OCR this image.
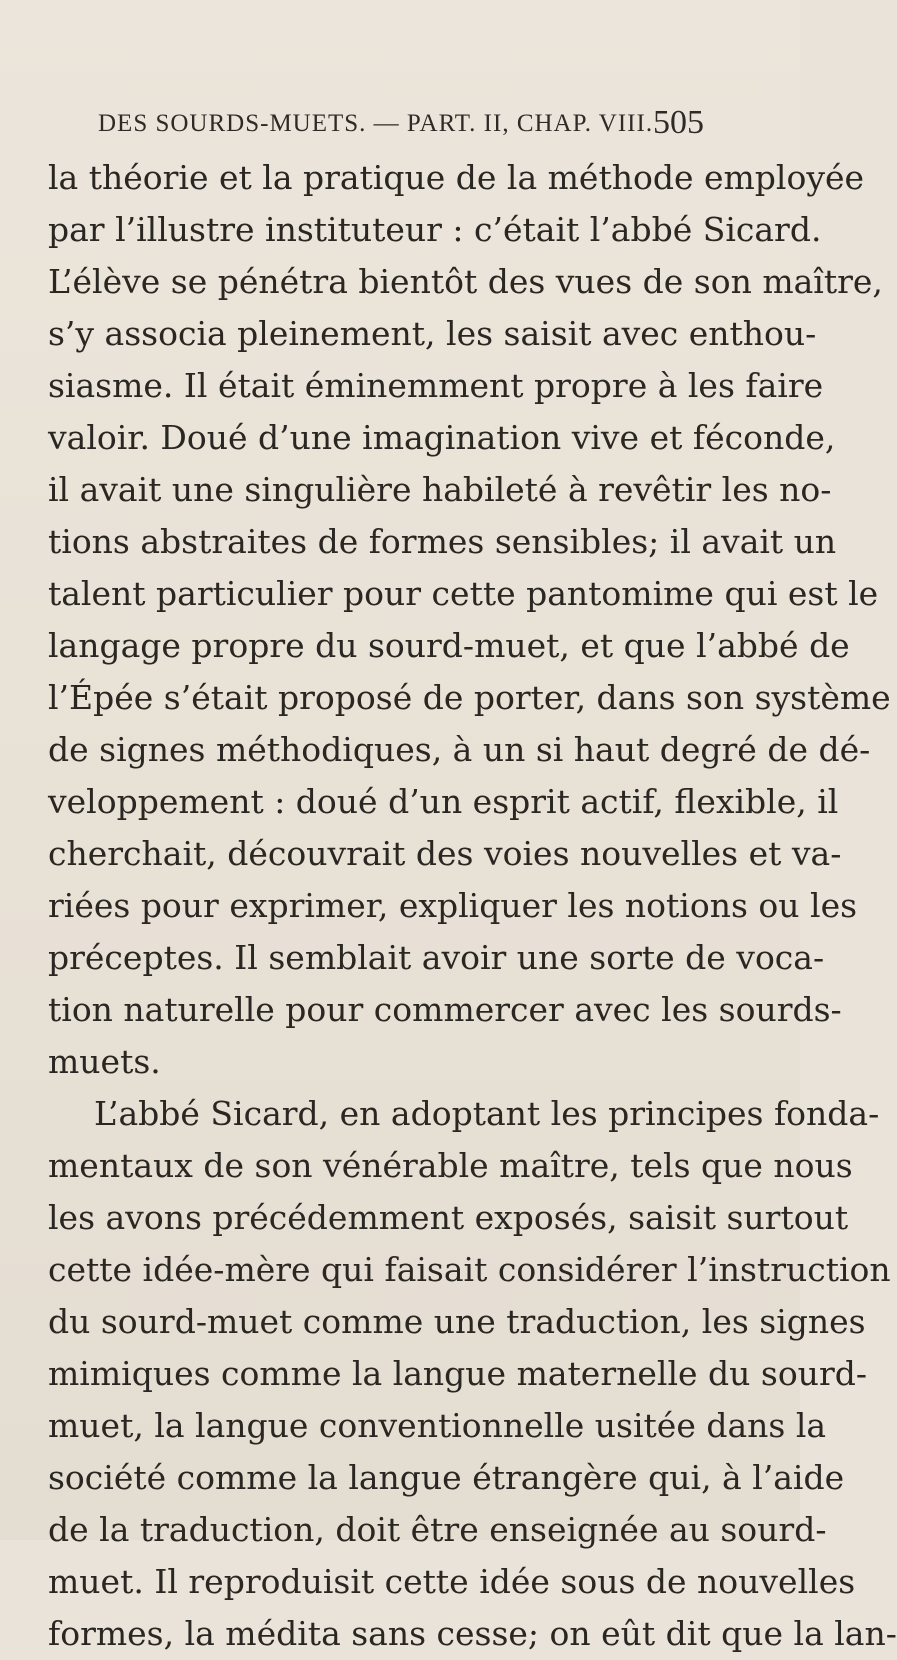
DES SOURDS-MUETS. — PART. II, CHAP. VIII. 505
la théorie et la pratique de la méthode employée
par l’illustre instituteur : c’était l’abbé Sicard.
L’élève se pénétra bientôt des vues de son maître,
s’y associa pleinement, les saisit avec enthou-
siasme. Il était éminemment propre à les faire
valoir. Doué d’une imagination vive et féconde,
il avait une singulière habileté à revêtir les no-
tions abstraites de formes sensibles; il avait un
talent particulier pour cette pantomime qui est le
langage propre du sourd-muet, et que l’abbé de
l’Épée s’était proposé de porter, dans son système
de signes méthodiques, à un si haut degré de dé-
veloppement : doué d’un esprit actif, flexible, il
cherchait, découvrait des voies nouvelles et va-
riées pour exprimer, expliquer les notions ou les
préceptes. Il semblait avoir une sorte de voca-
tion naturelle pour commercer avec les sourds-
muets.
L’abbé Sicard, en adoptant les principes fonda-
mentaux de son vénérable maître, tels que nous
les avons précédemment exposés, saisit surtout
cette idée-mère qui faisait considérer l’instruction
du sourd-muet comme une traduction, les signes
mimiques comme la langue maternelle du sourd-
muet, la langue conventionnelle usitée dans la
société comme la langue étrangère qui, à l’aide
de la traduction, doit être enseignée au sourd-
muet. Il reproduisit cette idée sous de nouvelles
formes, la médita sans cesse; on eût dit que la lan-
